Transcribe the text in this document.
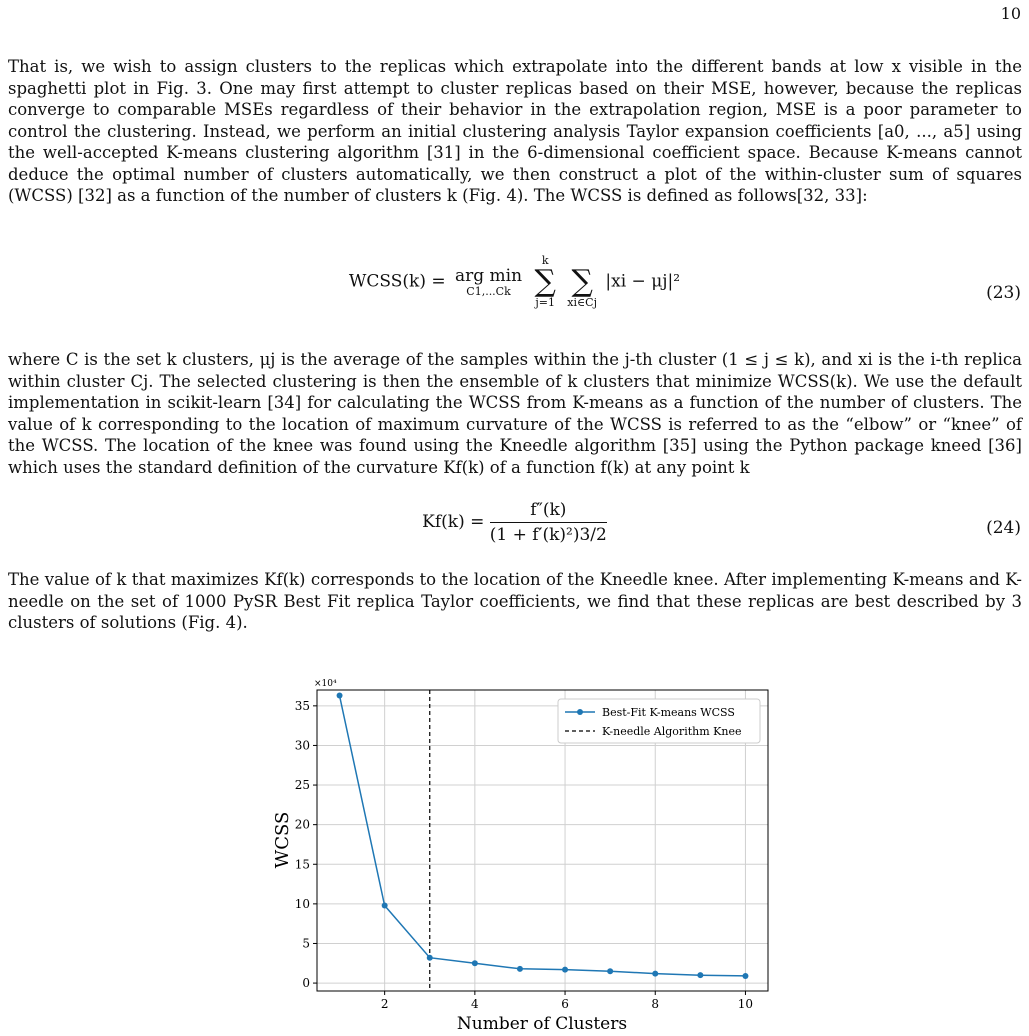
10

That is, we wish to assign clusters to the replicas which extrapolate into the different bands at low x visible in the spaghetti plot in Fig. 3. One may first attempt to cluster replicas based on their MSE, however, because the replicas converge to comparable MSEs regardless of their behavior in the extrapolation region, MSE is a poor parameter to control the clustering. Instead, we perform an initial clustering analysis Taylor expansion coefficients [a0, ..., a5] using the well-accepted K-means clustering algorithm [31] in the 6-dimensional coefficient space. Because K-means cannot deduce the optimal number of clusters automatically, we then construct a plot of the within-cluster sum of squares (WCSS) [32] as a function of the number of clusters k (Fig. 4). The WCSS is defined as follows[32, 33]:

WCSS(k) = arg min
C1,...Ck

k
∑
j=1

∑
xi∈Cj
|xi − μj|²
(23)

where C is the set k clusters, μj is the average of the samples within the j-th cluster (1 ≤ j ≤ k), and xi is the i-th replica within cluster Cj. The selected clustering is then the ensemble of k clusters that minimize WCSS(k). We use the default implementation in scikit-learn [34] for calculating the WCSS from K-means as a function of the number of clusters. The value of k corresponding to the location of maximum curvature of the WCSS is referred to as the “elbow” or “knee” of the WCSS. The location of the knee was found using the Kneedle algorithm [35] using the Python package kneed [36] which uses the standard definition of the curvature Kf(k) of a function f(k) at any point k

$Kf(k) = \frac{f''(k)}{\text{(1 + f′(k)²)3/2}}$	(24)

The value of k that maximizes Kf(k) corresponds to the location of the Kneedle knee. After implementing K-means and K-needle on the set of 1000 PySR Best Fit replica Taylor coefficients, we find that these replicas are best described by 3 clusters of solutions (Fig. 4).

2	4	6	8	10
0
5
10
15
20
25
30
35
×10⁴
WCSS
Number of Clusters
Best-Fit K-means WCSS
K-needle Algorithm Knee
